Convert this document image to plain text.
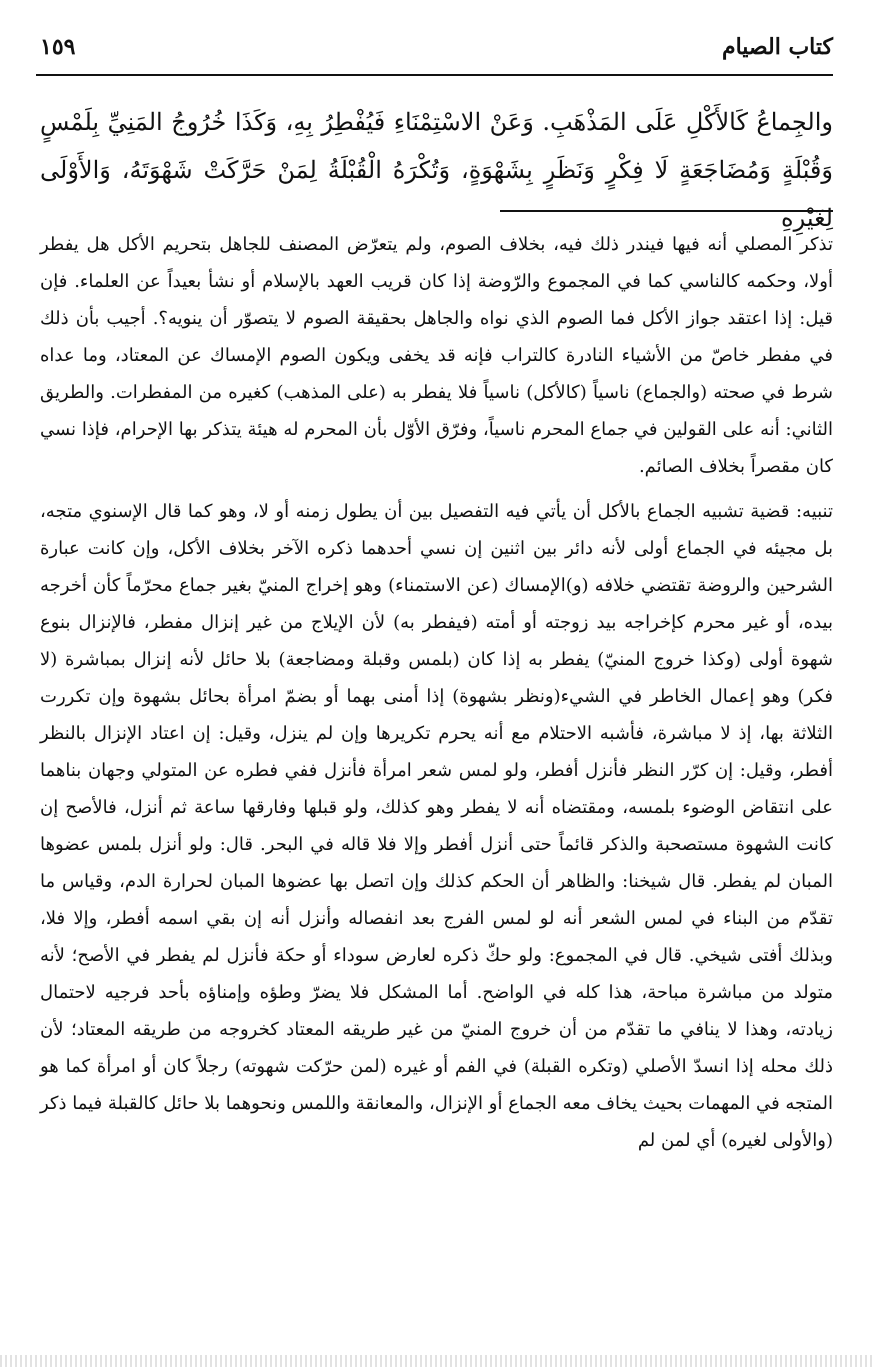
كتاب الصيام
١٥٩
والجِماعُ كَالأَكْلِ عَلَى المَذْهَبِ. وَعَنْ الاسْتِمْنَاءِ فَيُفْطِرُ بِهِ، وَكَذَا خُرُوجُ المَنِيِّ بِلَمْسٍ وَقُبْلَةٍ وَمُضَاجَعَةٍ لَا فِكْرٍ وَنَظَرٍ بِشَهْوَةٍ، وَتُكْرَهُ الْقُبْلَةُ لِمَنْ حَرَّكَتْ شَهْوَتَهُ، وَالأَوْلَى لِغَيْرِهِ

تذكر المصلي أنه فيها فيندر ذلك فيه، بخلاف الصوم، ولم يتعرّض المصنف للجاهل بتحريم الأكل هل يفطر أولا، وحكمه كالناسي كما في المجموع والرّوضة إذا كان قريب العهد بالإسلام أو نشأ بعيداً عن العلماء. فإن قيل: إذا اعتقد جواز الأكل فما الصوم الذي نواه والجاهل بحقيقة الصوم لا يتصوّر أن ينويه؟. أجيب بأن ذلك في مفطر خاصّ من الأشياء النادرة كالتراب فإنه قد يخفى ويكون الصوم الإمساك عن المعتاد، وما عداه شرط في صحته (والجماع) ناسياً (كالأكل) ناسياً فلا يفطر به (على المذهب) كغيره من المفطرات. والطريق الثاني: أنه على القولين في جماع المحرم ناسياً، وفرّق الأوّل بأن المحرم له هيئة يتذكر بها الإحرام، فإذا نسي كان مقصراً بخلاف الصائم.

تنبيه: قضية تشبيه الجماع بالأكل أن يأتي فيه التفصيل بين أن يطول زمنه أو لا، وهو كما قال الإسنوي متجه، بل مجيئه في الجماع أولى لأنه دائر بين اثنين إن نسي أحدهما ذكره الآخر بخلاف الأكل، وإن كانت عبارة الشرحين والروضة تقتضي خلافه (و)الإمساك (عن الاستمناء) وهو إخراج المنيّ بغير جماع محرّماً كأن أخرجه بيده، أو غير محرم كإخراجه بيد زوجته أو أمته (فيفطر به) لأن الإيلاج من غير إنزال مفطر، فالإنزال بنوع شهوة أولى (وكذا خروج المنيّ) يفطر به إذا كان (بلمس وقبلة ومضاجعة) بلا حائل لأنه إنزال بمباشرة (لا فكر) وهو إعمال الخاطر في الشيء(ونظر بشهوة) إذا أمنى بهما أو بضمّ امرأة بحائل بشهوة وإن تكررت الثلاثة بها، إذ لا مباشرة، فأشبه الاحتلام مع أنه يحرم تكريرها وإن لم ينزل، وقيل: إن اعتاد الإنزال بالنظر أفطر، وقيل: إن كرّر النظر فأنزل أفطر، ولو لمس شعر امرأة فأنزل ففي فطره عن المتولي وجهان بناهما على انتقاض الوضوء بلمسه، ومقتضاه أنه لا يفطر وهو كذلك، ولو قبلها وفارقها ساعة ثم أنزل، فالأصح إن كانت الشهوة مستصحبة والذكر قائماً حتى أنزل أفطر وإلا فلا قاله في البحر. قال: ولو أنزل بلمس عضوها المبان لم يفطر. قال شيخنا: والظاهر أن الحكم كذلك وإن اتصل بها عضوها المبان لحرارة الدم، وقياس ما تقدّم من البناء في لمس الشعر أنه لو لمس الفرج بعد انفصاله وأنزل أنه إن بقي اسمه أفطر، وإلا فلا، وبذلك أفتى شيخي. قال في المجموع: ولو حكّ ذكره لعارض سوداء أو حكة فأنزل لم يفطر في الأصح؛ لأنه متولد من مباشرة مباحة، هذا كله في الواضح. أما المشكل فلا يضرّ وطؤه وإمناؤه بأحد فرجيه لاحتمال زيادته، وهذا لا ينافي ما تقدّم من أن خروج المنيّ من غير طريقه المعتاد كخروجه من طريقه المعتاد؛ لأن ذلك محله إذا انسدّ الأصلي (وتكره القبلة) في الفم أو غيره (لمن حرّكت شهوته) رجلاً كان أو امرأة كما هو المتجه في المهمات بحيث يخاف معه الجماع أو الإنزال، والمعانقة واللمس ونحوهما بلا حائل كالقبلة فيما ذكر (والأولى لغيره) أي لمن لم
